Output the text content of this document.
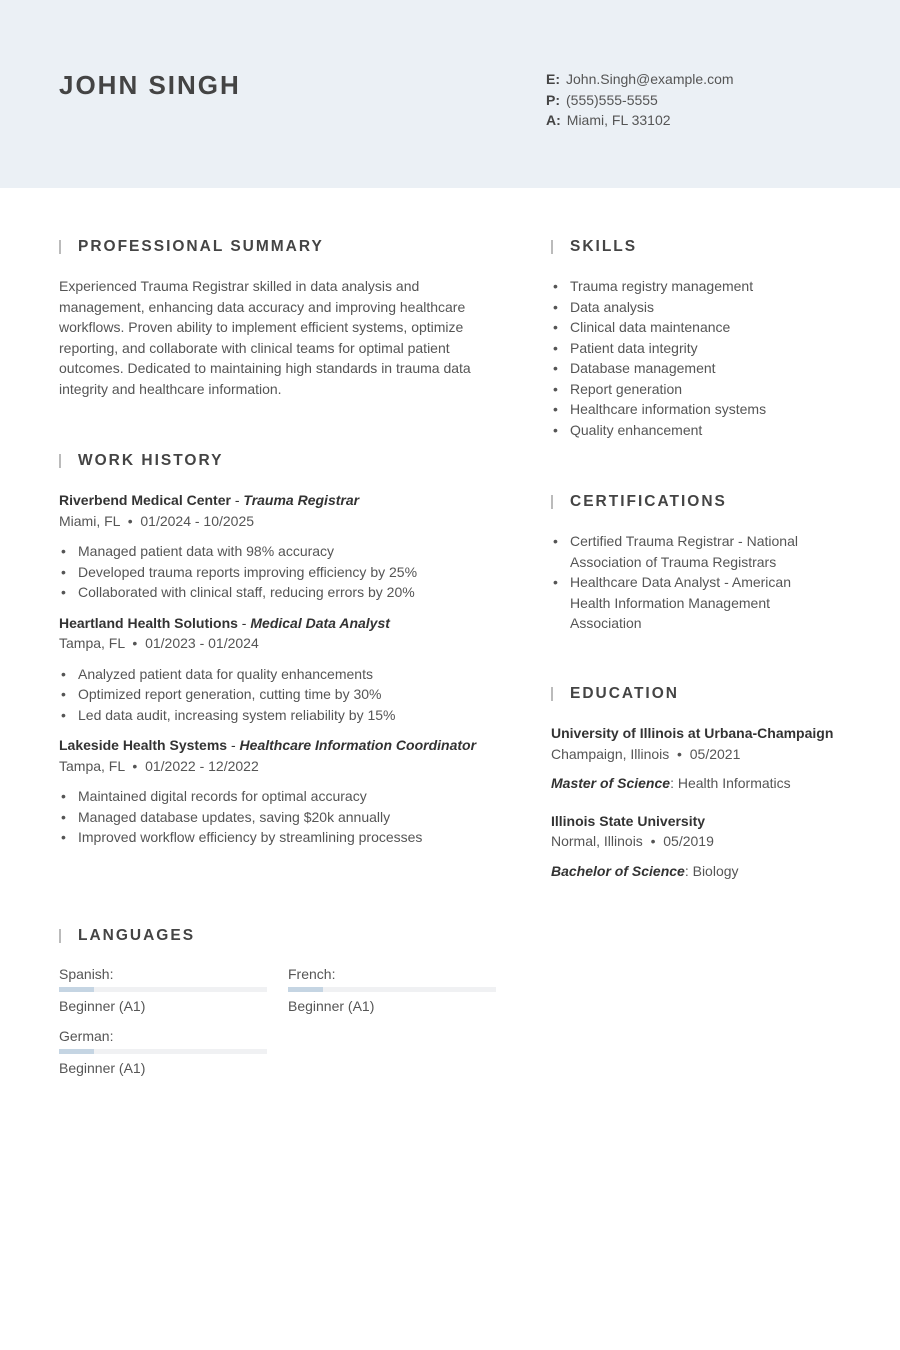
JOHN SINGH	E: John.Singh@example.com
P: (555)555-5555
A: Miami, FL 33102
PROFESSIONAL SUMMARY
Experienced Trauma Registrar skilled in data analysis and management, enhancing data accuracy and improving healthcare workflows. Proven ability to implement efficient systems, optimize reporting, and collaborate with clinical teams for optimal patient outcomes. Dedicated to maintaining high standards in trauma data integrity and healthcare information.
WORK HISTORY
Riverbend Medical Center - Trauma Registrar
Miami, FL  •  01/2024 - 10/2025
• Managed patient data with 98% accuracy
• Developed trauma reports improving efficiency by 25%
• Collaborated with clinical staff, reducing errors by 20%
Heartland Health Solutions - Medical Data Analyst
Tampa, FL  •  01/2023 - 01/2024
• Analyzed patient data for quality enhancements
• Optimized report generation, cutting time by 30%
• Led data audit, increasing system reliability by 15%
Lakeside Health Systems - Healthcare Information Coordinator
Tampa, FL  •  01/2022 - 12/2022
• Maintained digital records for optimal accuracy
• Managed database updates, saving $20k annually
• Improved workflow efficiency by streamlining processes
LANGUAGES
Spanish:
Beginner (A1)
French:
Beginner (A1)
German:
Beginner (A1)
SKILLS
• Trauma registry management
• Data analysis
• Clinical data maintenance
• Patient data integrity
• Database management
• Report generation
• Healthcare information systems
• Quality enhancement
CERTIFICATIONS
• Certified Trauma Registrar - National Association of Trauma Registrars
• Healthcare Data Analyst - American Health Information Management Association
EDUCATION
University of Illinois at Urbana-Champaign
Champaign, Illinois  •  05/2021
Master of Science: Health Informatics
Illinois State University
Normal, Illinois  •  05/2019
Bachelor of Science: Biology
